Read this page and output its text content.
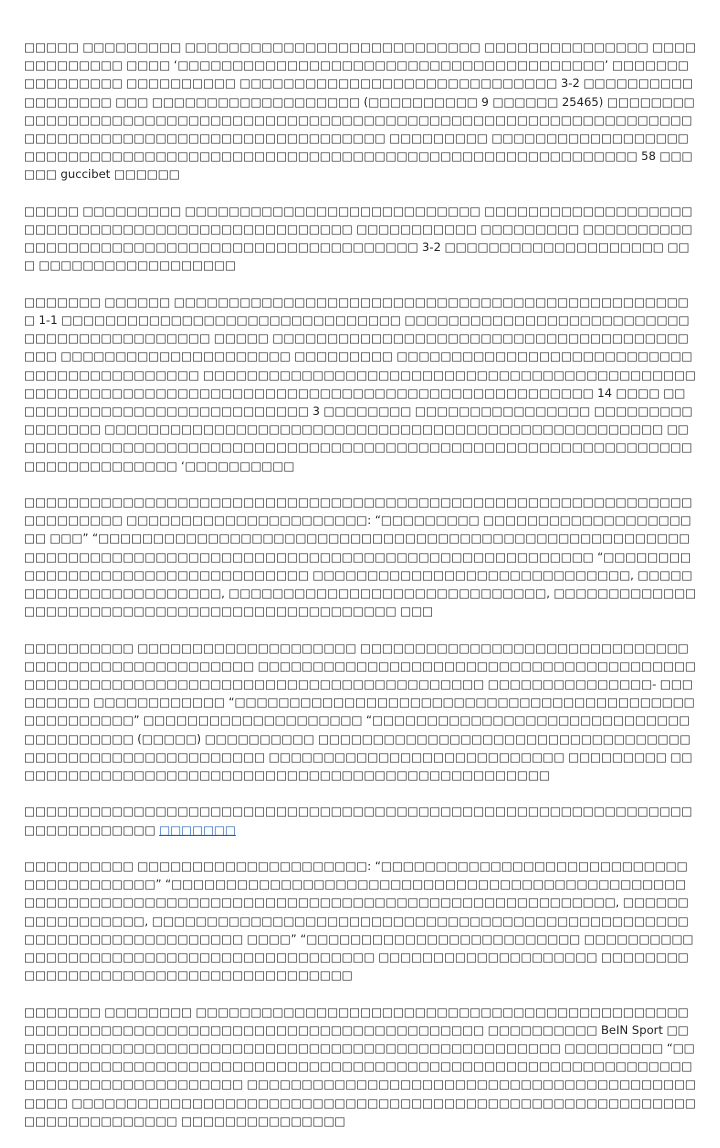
□□□□□ □□□□□□□□□ □□□□□□□□□□□□□□□□□□□□□□□□□□□ □□□□□□□□□□□□□□□ □□□□□□□□□□□□□ □□□□ ‘□□□□□□□□□□□□□□□□□□□□□□□□□□□□□□□□□□□□□□□’ □□□□□□□□□□□□□□□□ □□□□□□□□□□ □□□□□□□□□□□□□□□□□□□□□□□□□□□□□ 3-2 □□□□□□□□□□□□□□□□□□ □□□ □□□□□□□□□□□□□□□□□□□ (□□□□□□□□□□ 9 □□□□□□ 25465) □□□□□□□□□□□□□□□□□□□□□□□□□□□□□□□□□□□□□□□□□□□□□□□□□□□□□□□□□□□□□□□□□□□□□□□□□□□□□□□□□□□□□□□□□□□□□□□□□□□□□□ □□□□□□□□□ □□□□□□□□□□□□□□□□□□□□□□□□□□□□□□□□□□□□□□□□□□□□□□□□□□□□□□□□□□□□□□□□□□□□□□□□□□ 58 □□□□□□ guccibet □□□□□□

□□□□□ □□□□□□□□□ □□□□□□□□□□□□□□□□□□□□□□□□□□□ □□□□□□□□□□□□□□□□□□□□□□□□□□□□□□□□□□□□□□□□□□□□□□□□□ □□□□□□□□□□□ □□□□□□□□□ □□□□□□□□□□□□□□□□□□□□□□□□□□□□□□□□□□□□□□□□□□□□□□ 3-2 □□□□□□□□□□□□□□□□□□□□ □□□ □□□□□□□□□□□□□□□□□□

□□□□□□□ □□□□□□ □□□□□□□□□□□□□□□□□□□□□□□□□□□□□□□□□□□□□□□□□□□□□□□□ 1-1 □□□□□□□□□□□□□□□□□□□□□□□□□□□□□□□ □□□□□□□□□□□□□□□□□□□□□□□□□□□□□□□□□□□□□□□□□□□ □□□□□ □□□□□□□□□□□□□□□□□□□□□□□□□□□□□□□□□□□□□□□□□ □□□□□□□□□□□□□□□□□□□□□ □□□□□□□□□ □□□□□□□□□□□□□□□□□□□□□□□□□□□□□□□□□□□□□□□□□□□ □□□□□□□□□□□□□□□□□□□□□□□□□□□□□□□□□□□□□□□□□□□□□□□□□□□□□□□□□□□□□□□□□□□□□□□□□□□□□□□□□□□□□□□□□□□□□□□□□ 14 □□□□ □□□□□□□□□□□□□□□□□□□□□□□□□□□□ 3 □□□□□□□□ □□□□□□□□□□□□□□□□ □□□□□□□□□□□□□□□□ □□□□□□□□□□□□□□□□□□□□□□□□□□□□□□□□□□□□□□□□□□□□□□□□□□□ □□□□□□□□□□□□□□□□□□□□□□□□□□□□□□□□□□□□□□□□□□□□□□□□□□□□□□□□□□□□□□□□□□□□□□□□□□□□□ ‘□□□□□□□□□□

□□□□□□□□□□□□□□□□□□□□□□□□□□□□□□□□□□□□□□□□□□□□□□□□□□□□□□□□□□□□□□□□□□□□□□ □□□□□□□□□□□□□□□□□□□□□□: “□□□□□□□□□ □□□□□□□□□□□□□□□□□□□□□ □□□” “□□□□□□□□□□□□□□□□□□□□□□□□□□□□□□□□□□□□□□□□□□□□□□□□□□□□□□□□□□□□□□□□□□□□□□□□□□□□□□□□□□□□□□□□□□□□□□□□□□□□□□□□□□ “□□□□□□□□□□□□□□□□□□□□□□□□□□□□□□□□□□ □□□□□□□□□□□□□□□□□□□□□□□□□□□□□, □□□□□□□□□□□□□□□□□□□□□□□, □□□□□□□□□□□□□□□□□□□□□□□□□□□□□, □□□□□□□□□□□□□□□□□□□□□□□□□□□□□□□□□□□□□□□□□□□□□□□ □□□

□□□□□□□□□□ □□□□□□□□□□□□□□□□□□□□ □□□□□□□□□□□□□□□□□□□□□□□□□□□□□□□□□□□□□□□□□□□□□□□□□□□ □□□□□□□□□□□□□□□□□□□□□□□□□□□□□□□□□□□□□□□□□□□□□□□□□□□□□□□□□□□□□□□□□□□□□□□□□□□□□□□□□□ □□□□□□□□□□□□□□□- □□□□□□□□□ □□□□□□□□□□□□ “□□□□□□□□□□□□□□□□□□□□□□□□□□□□□□□□□□□□□□□□□□□□□□□□□□□□” □□□□□□□□□□□□□□□□□□□□ “□□□□□□□□□□□□□□□□□□□□□□□□□□□□□□□□□□□□□□□ (□□□□□) □□□□□□□□□□ □□□□□□□□□□□□□□□□□□□□□□□□□□□□□□□□□□□□□□□□□□□□□□□□□□□□□□□□ □□□□□□□□□□□□□□□□□□□□□□□□□□□ □□□□□□□□□ □□□□□□□□□□□□□□□□□□□□□□□□□□□□□□□□□□□□□□□□□□□□□□□□□□

□□□□□□□□□□□□□□□□□□□□□□□□□□□□□□□□□□□□□□□□□□□□□□□□□□□□□□□□□□□□□□□□□□□□□□□□□ □□□□□□□

□□□□□□□□□□ □□□□□□□□□□□□□□□□□□□□□: “□□□□□□□□□□□□□□□□□□□□□□□□□□□□□□□□□□□□□□□□” “□□□□□□□□□□□□□□□□□□□□□□□□□□□□□□□□□□□□□□□□□□□□□□□□□□□□□□□□□□□□□□□□□□□□□□□□□□□□□□□□□□□□□□□□□□□□□□□□□□□□□, □□□□□□□□□□□□□□□□□, □□□□□□□□□□□□□□□□□□□□□□□□□□□□□□□□□□□□□□□□□□□□□□□□□□□□□□□□□□□□□□□□□□□□□ □□□□” “□□□□□□□□□□□□□□□□□□□□□□□□□ □□□□□□□□□□□□□□□□□□□□□□□□□□□□□□□□□□□□□□□□□□ □□□□□□□□□□□□□□□□□□□□ □□□□□□□□□□□□□□□□□□□□□□□□□□□□□□□□□□□□□□

□□□□□□□ □□□□□□□□ □□□□□□□□□□□□□□□□□□□□□□□□□□□□□□□□□□□□□□□□□□□□□□□□□□□□□□□□□□□□□□□□□□□□□□□□□□□□□□□□□□□□□□□ □□□□□□□□□□ BeIN Sport □□□□□□□□□□□□□□□□□□□□□□□□□□□□□□□□□□□□□□□□□□□□□□□□□□□ □□□□□□□□□ “□□□□□□□□□□□□□□□□□□□□□□□□□□□□□□□□□□□□□□□□□□□□□□□□□□□□□□□□□□□□□□□□□□□□□□□□□□□□□□□□□□□ □□□□□□□□□□□□□□□□□□□□□□□□□□□□□□□□□□□□□□□□□□□□□ □□□□□□□□□□□□□□□□□□□□□□□□□□□□□□□□□□□□□□□□□□□□□□□□□□□□□□□□□□□□□□□□□□□□□□□ □□□□□□□□□□□□□□□
